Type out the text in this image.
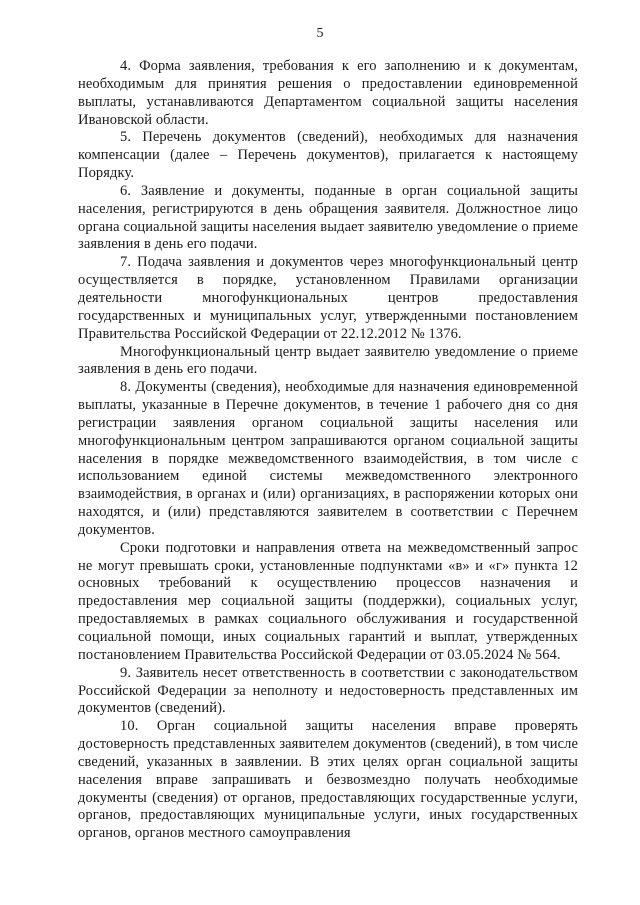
5

4. Форма заявления, требования к его заполнению и к документам, необходимым для принятия решения о предоставлении единовременной выплаты, устанавливаются Департаментом социальной защиты населения Ивановской области.

5. Перечень документов (сведений), необходимых для назначения компенсации (далее – Перечень документов), прилагается к настоящему Порядку.

6. Заявление и документы, поданные в орган социальной защиты населения, регистрируются в день обращения заявителя. Должностное лицо органа социальной защиты населения выдает заявителю уведомление о приеме заявления в день его подачи.

7. Подача заявления и документов через многофункциональный центр осуществляется в порядке, установленном Правилами организации деятельности многофункциональных центров предоставления государственных и муниципальных услуг, утвержденными постановлением Правительства Российской Федерации от 22.12.2012 № 1376.

Многофункциональный центр выдает заявителю уведомление о приеме заявления в день его подачи.

8. Документы (сведения), необходимые для назначения единовременной выплаты, указанные в Перечне документов, в течение 1 рабочего дня со дня регистрации заявления органом социальной защиты населения или многофункциональным центром запрашиваются органом социальной защиты населения в порядке межведомственного взаимодействия, в том числе с использованием единой системы межведомственного электронного взаимодействия, в органах и (или) организациях, в распоряжении которых они находятся, и (или) представляются заявителем в соответствии с Перечнем документов.

Сроки подготовки и направления ответа на межведомственный запрос не могут превышать сроки, установленные подпунктами «в» и «г» пункта 12 основных требований к осуществлению процессов назначения и предоставления мер социальной защиты (поддержки), социальных услуг, предоставляемых в рамках социального обслуживания и государственной социальной помощи, иных социальных гарантий и выплат, утвержденных постановлением Правительства Российской Федерации от 03.05.2024 № 564.

9. Заявитель несет ответственность в соответствии с законодательством Российской Федерации за неполноту и недостоверность представленных им документов (сведений).

10. Орган социальной защиты населения вправе проверять достоверность представленных заявителем документов (сведений), в том числе сведений, указанных в заявлении. В этих целях орган социальной защиты населения вправе запрашивать и безвозмездно получать необходимые документы (сведения) от органов, предоставляющих государственные услуги, органов, предоставляющих муниципальные услуги, иных государственных органов, органов местного самоуправления
